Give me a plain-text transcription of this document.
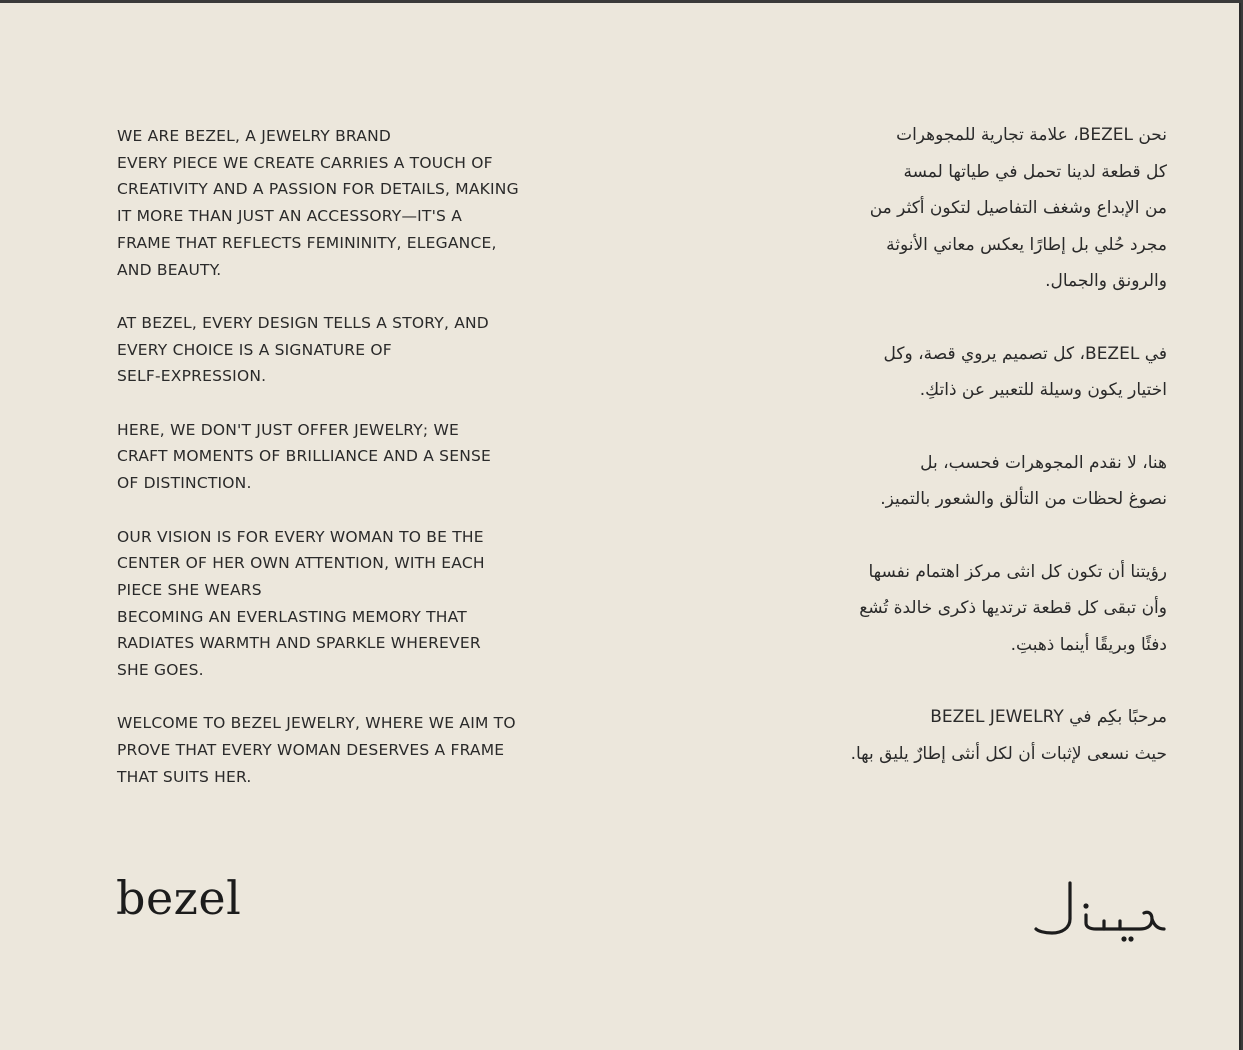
WE ARE BEZEL, A JEWELRY BRAND
EVERY PIECE WE CREATE CARRIES A TOUCH OF
CREATIVITY AND A PASSION FOR DETAILS, MAKING
IT MORE THAN JUST AN ACCESSORY—IT'S A
FRAME THAT REFLECTS FEMININITY, ELEGANCE,
AND BEAUTY.

AT BEZEL, EVERY DESIGN TELLS A STORY, AND
EVERY CHOICE IS A SIGNATURE OF
SELF-EXPRESSION.

HERE, WE DON'T JUST OFFER JEWELRY; WE
CRAFT MOMENTS OF BRILLIANCE AND A SENSE
OF DISTINCTION.

OUR VISION IS FOR EVERY WOMAN TO BE THE
CENTER OF HER OWN ATTENTION, WITH EACH
PIECE SHE WEARS
BECOMING AN EVERLASTING MEMORY THAT
RADIATES WARMTH AND SPARKLE WHEREVER
SHE GOES.

WELCOME TO BEZEL JEWELRY, WHERE WE AIM TO
PROVE THAT EVERY WOMAN DESERVES A FRAME
THAT SUITS HER.

نحن BEZEL، علامة تجارية للمجوهرات
كل قطعة لدينا تحمل في طياتها لمسة
من الإبداع وشغف التفاصيل لتكون أكثر من
مجرد حُلي بل إطارًا يعكس معاني الأنوثة
والرونق والجمال.

في BEZEL، كل تصميم يروي قصة، وكل
اختيار يكون وسيلة للتعبير عن ذاتكِ.

هنا، لا نقدم المجوهرات فحسب، بل
نصوغ لحظات من التألق والشعور بالتميز.

رؤيتنا أن تكون كل انثى مركز اهتمام نفسها
وأن تبقى كل قطعة ترتديها ذكرى خالدة تُشع
دفئًا وبريقًا أينما ذهبتِ.

مرحبًا بكِم في BEZEL JEWELRY
حيث نسعى لإثبات أن لكل أنثى إطارٌ يليق بها.

bezel
